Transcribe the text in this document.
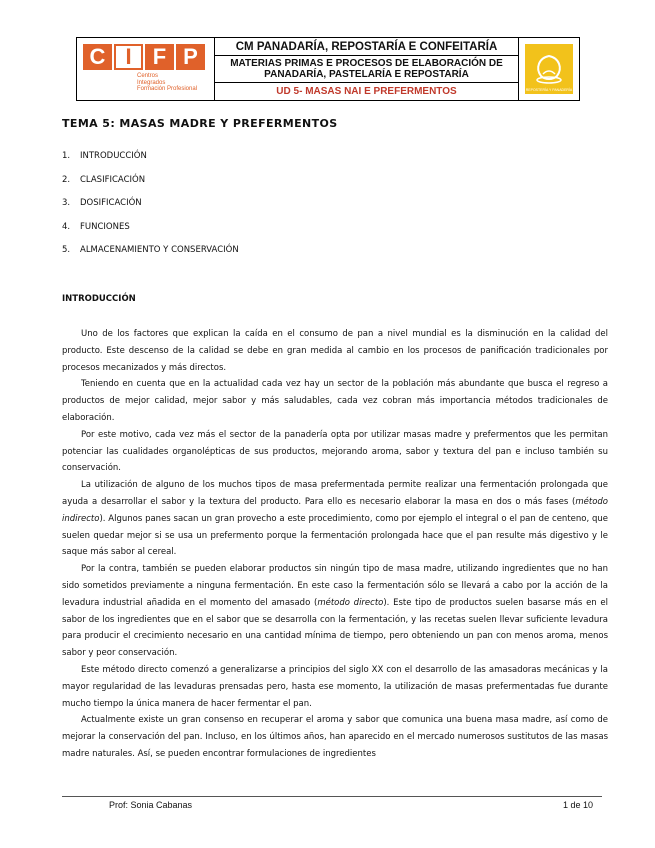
C I F P
Centros
Integrados
Formación Profesional
CM PANADARÍA, REPOSTARÍA E CONFEITARÍA
MATERIAS PRIMAS E PROCESOS DE ELABORACIÓN DE PANADARÍA, PASTELARÍA E REPOSTARÍA
UD 5- MASAS NAI E PREFERMENTOS	REPOSTERÍA Y PANADERÍA
TEMA 5: MASAS MADRE Y PREFERMENTOS
1.	INTRODUCCIÓN
2.	CLASIFICACIÓN
3.	DOSIFICACIÓN
4.	FUNCIONES
5.	ALMACENAMIENTO Y CONSERVACIÓN
INTRODUCCIÓN

Uno de los factores que explican la caída en el consumo de pan a nivel mundial es la disminución en la calidad del producto. Este descenso de la calidad se debe en gran medida al cambio en los procesos de panificación tradicionales por procesos mecanizados y más directos.

Teniendo en cuenta que en la actualidad cada vez hay un sector de la población más abundante que busca el regreso a productos de mejor calidad, mejor sabor y más saludables, cada vez cobran más importancia métodos tradicionales de elaboración.

Por este motivo, cada vez más el sector de la panadería opta por utilizar masas madre y prefermentos que les permitan potenciar las cualidades organolépticas de sus productos, mejorando aroma, sabor y textura del pan e incluso también su conservación.

La utilización de alguno de los muchos tipos de masa prefermentada permite realizar una fermentación prolongada que ayuda a desarrollar el sabor y la textura del producto. Para ello es necesario elaborar la masa en dos o más fases (método indirecto). Algunos panes sacan un gran provecho a este procedimiento, como por ejemplo el integral o el pan de centeno, que suelen quedar mejor si se usa un prefermento porque la fermentación prolongada hace que el pan resulte más digestivo y le saque más sabor al cereal.

Por la contra, también se pueden elaborar productos sin ningún tipo de masa madre, utilizando ingredientes que no han sido sometidos previamente a ninguna fermentación. En este caso la fermentación sólo se llevará a cabo por la acción de la levadura industrial añadida en el momento del amasado (método directo). Este tipo de productos suelen basarse más en el sabor de los ingredientes que en el sabor que se desarrolla con la fermentación, y las recetas suelen llevar suficiente levadura para producir el crecimiento necesario en una cantidad mínima de tiempo, pero obteniendo un pan con menos aroma, menos sabor y peor conservación.

Este método directo comenzó a generalizarse a principios del siglo XX con el desarrollo de las amasadoras mecánicas y la mayor regularidad de las levaduras prensadas pero, hasta ese momento, la utilización de masas prefermentadas fue durante mucho tiempo la única manera de hacer fermentar el pan.

Actualmente existe un gran consenso en recuperar el aroma y sabor que comunica una buena masa madre, así como de mejorar la conservación del pan. Incluso, en los últimos años, han aparecido en el mercado numerosos sustitutos de las masas madre naturales. Así, se pueden encontrar formulaciones de ingredientes

Prof: Sonia Cabanas	1 de 10
